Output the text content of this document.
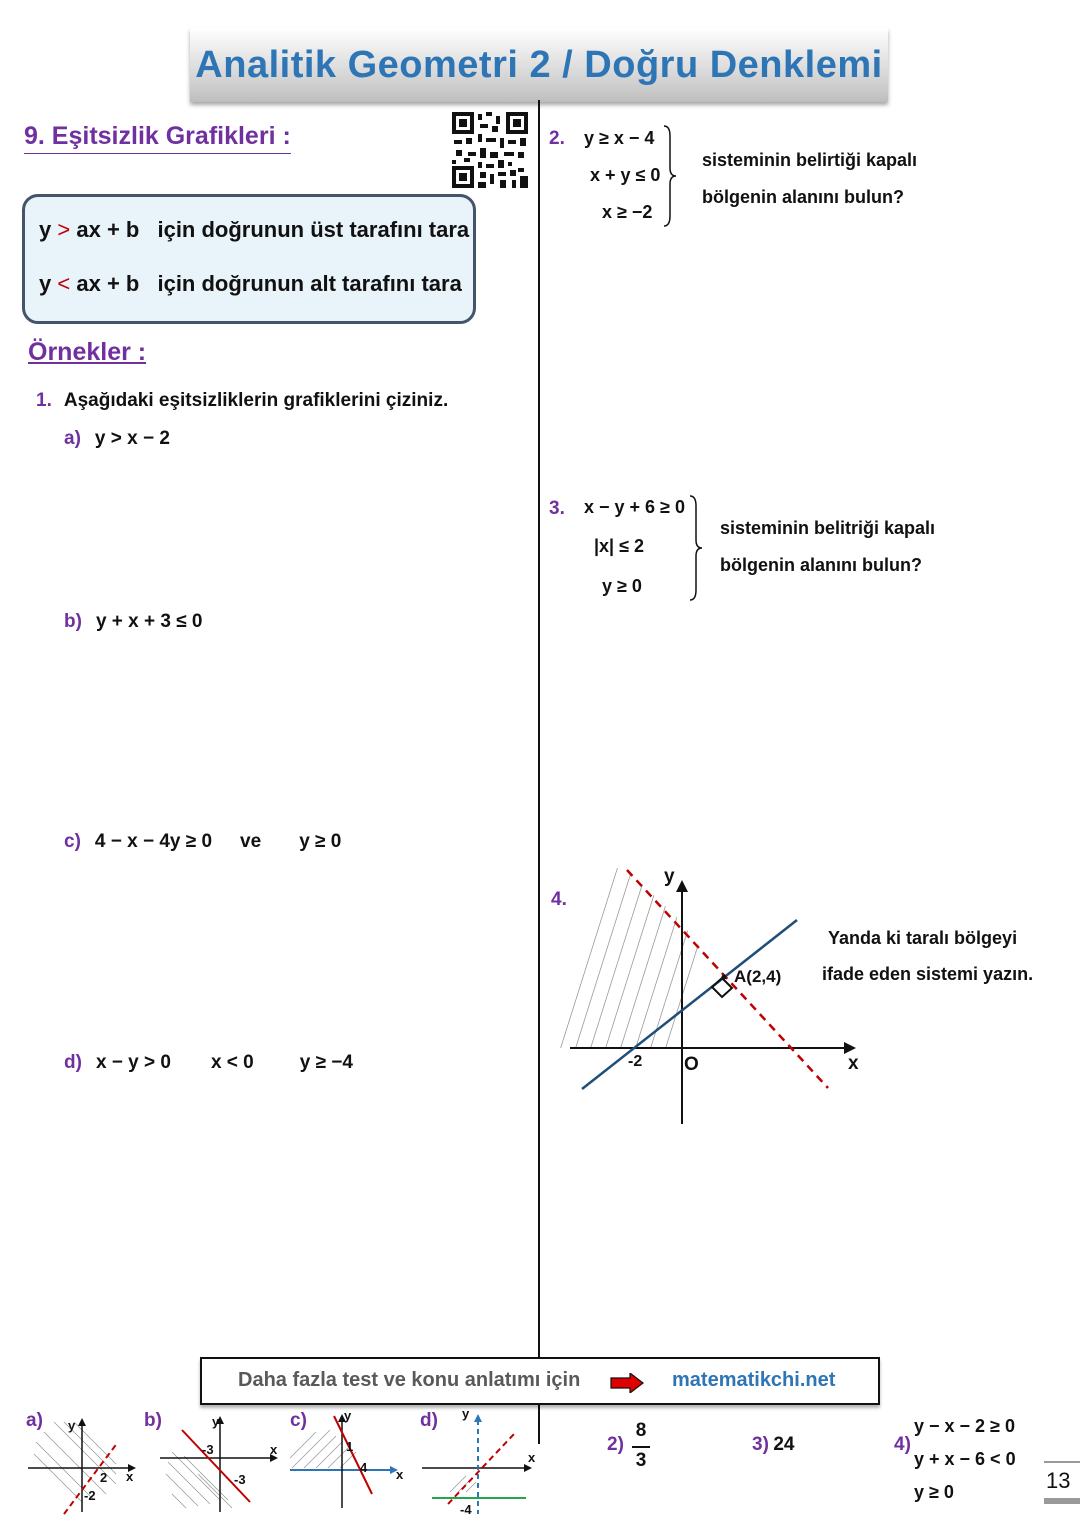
Analitik Geometri 2 / Doğru Denklemi
9. Eşitsizlik Grafikleri :
y > ax + b için doğrunun üst tarafını tara
y < ax + b için doğrunun alt tarafını tara
Örnekler :
1. Aşağıdaki eşitsizliklerin grafiklerini çiziniz.
a) y > x − 2
b) y + x + 3 ≤ 0
c) 4 − x − 4y ≥ 0 ve y ≥ 0
d) x − y > 0 x < 0 y ≥ −4
2.	y ≥ x − 4
x + y ≤ 0
x ≥ −2
sisteminin belirtiği kapalı
bölgenin alanını bulun?
3.	x − y + 6 ≥ 0
|x| ≤ 2
y ≥ 0
sisteminin belitriği kapalı
bölgenin alanını bulun?
4.
Yanda ki taralı bölgeyi
ifade eden sistemi yazın.
A(2,4)
-2 O	x
y
Daha fazla test ve konu anlatımı için	matematikchi.net
a) y
x
2
-2
b)	y
x
-3
-3
c)	y
x
1
4
d) y
x
-4
2)
8
3
3) 24	4)
y − x − 2 ≥ 0
y + x − 6 < 0
y ≥ 0	13
